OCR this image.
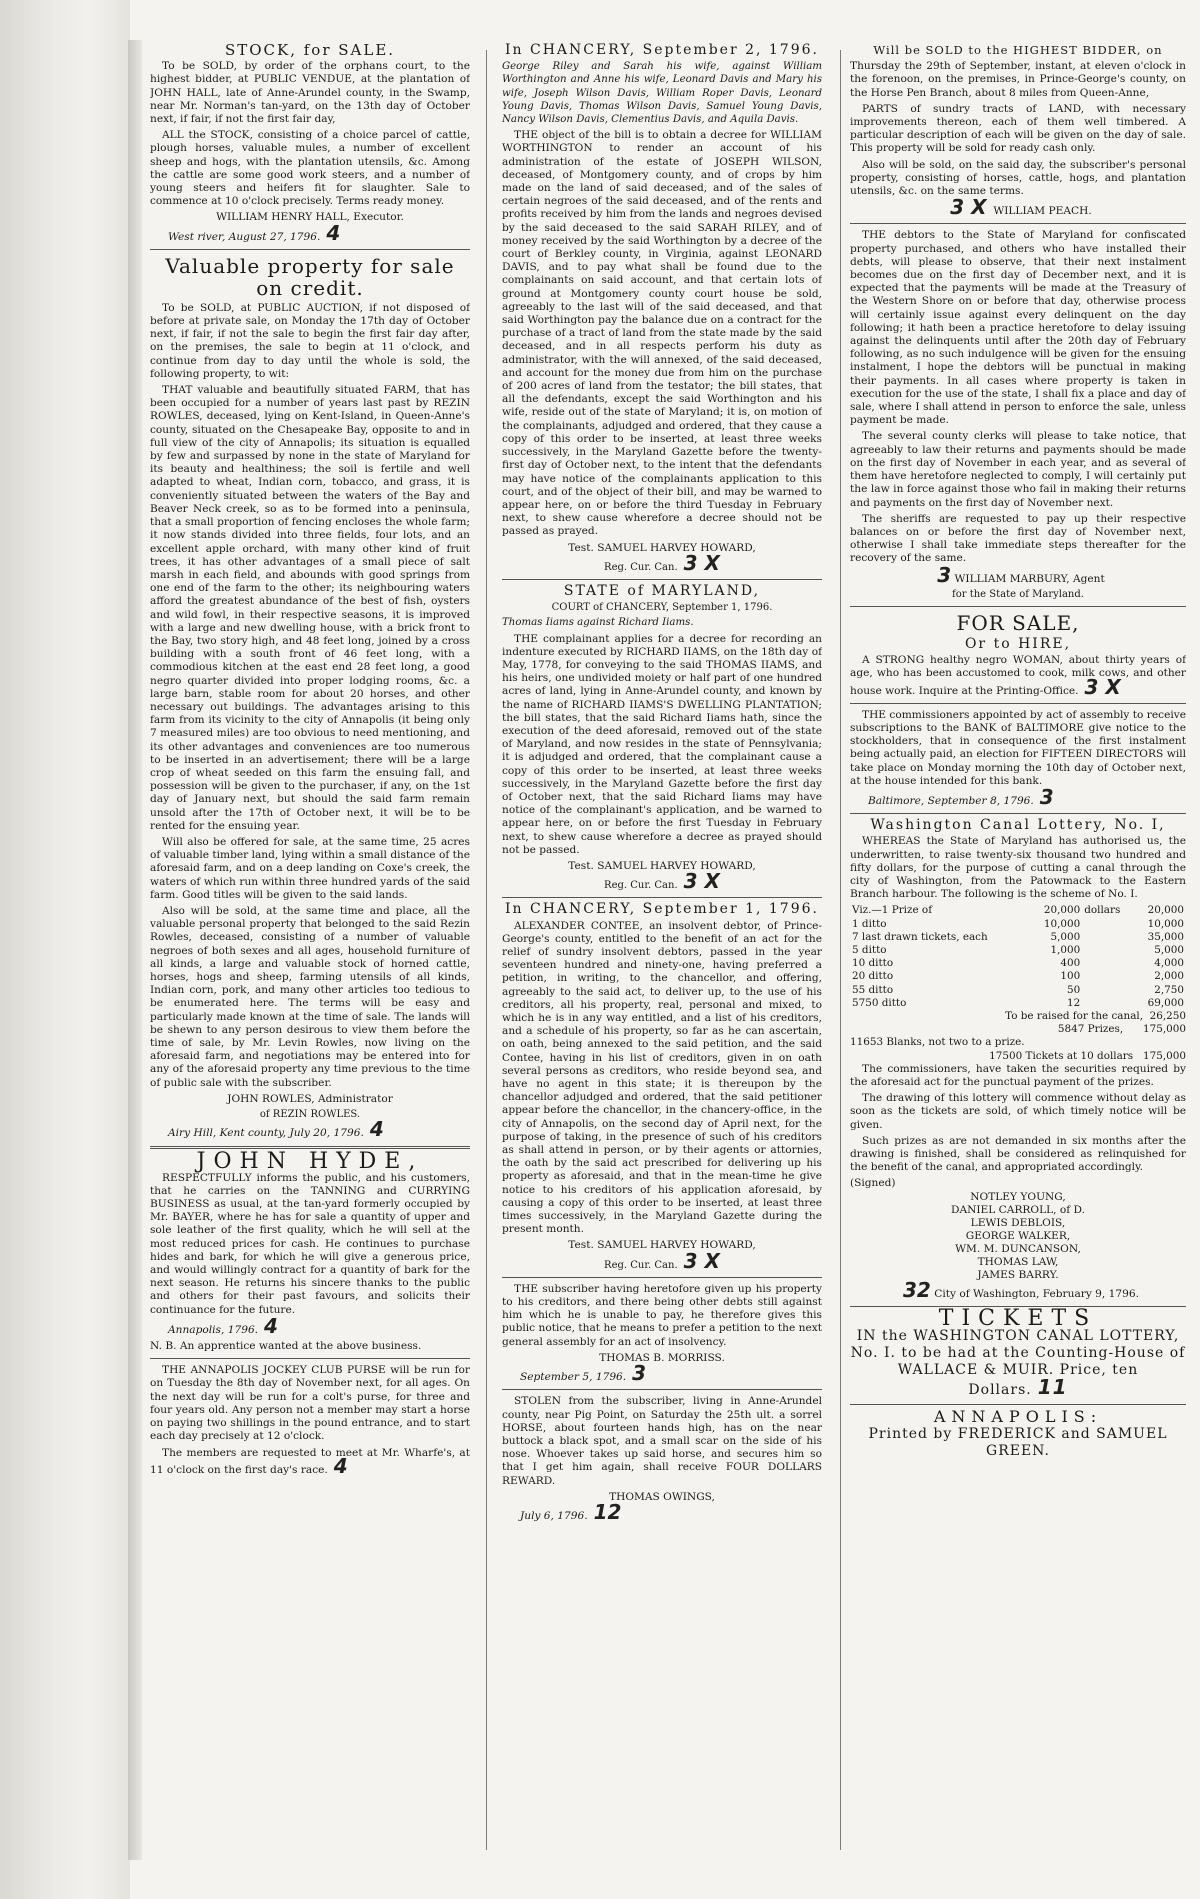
STOCK, for SALE.

To be SOLD, by order of the orphans court, to the highest bidder, at PUBLIC VENDUE, at the plantation of JOHN HALL, late of Anne-Arundel county, in the Swamp, near Mr. Norman's tan-yard, on the 13th day of October next, if fair, if not the first fair day,

ALL the STOCK, consisting of a choice parcel of cattle, plough horses, valuable mules, a number of excellent sheep and hogs, with the plantation utensils, &c. Among the cattle are some good work steers, and a number of young steers and heifers fit for slaughter. Sale to commence at 10 o'clock precisely. Terms ready money.

WILLIAM HENRY HALL, Executor.
West river, August 27, 1796. 4
Valuable property for sale on credit.

To be SOLD, at PUBLIC AUCTION, if not disposed of before at private sale, on Monday the 17th day of October next, if fair, if not the sale to begin the first fair day after, on the premises, the sale to begin at 11 o'clock, and continue from day to day until the whole is sold, the following property, to wit:

THAT valuable and beautifully situated FARM, that has been occupied for a number of years last past by REZIN ROWLES, deceased, lying on Kent-Island, in Queen-Anne's county, situated on the Chesapeake Bay, opposite to and in full view of the city of Annapolis; its situation is equalled by few and surpassed by none in the state of Maryland for its beauty and healthiness; the soil is fertile and well adapted to wheat, Indian corn, tobacco, and grass, it is conveniently situated between the waters of the Bay and Beaver Neck creek, so as to be formed into a peninsula, that a small proportion of fencing encloses the whole farm; it now stands divided into three fields, four lots, and an excellent apple orchard, with many other kind of fruit trees, it has other advantages of a small piece of salt marsh in each field, and abounds with good springs from one end of the farm to the other; its neighbouring waters afford the greatest abundance of the best of fish, oysters and wild fowl, in their respective seasons, it is improved with a large and new dwelling house, with a brick front to the Bay, two story high, and 48 feet long, joined by a cross building with a south front of 46 feet long, with a commodious kitchen at the east end 28 feet long, a good negro quarter divided into proper lodging rooms, &c. a large barn, stable room for about 20 horses, and other necessary out buildings. The advantages arising to this farm from its vicinity to the city of Annapolis (it being only 7 measured miles) are too obvious to need mentioning, and its other advantages and conveniences are too numerous to be inserted in an advertisement; there will be a large crop of wheat seeded on this farm the ensuing fall, and possession will be given to the purchaser, if any, on the 1st day of January next, but should the said farm remain unsold after the 17th of October next, it will be to be rented for the ensuing year.

Will also be offered for sale, at the same time, 25 acres of valuable timber land, lying within a small distance of the aforesaid farm, and on a deep landing on Coxe's creek, the waters of which run within three hundred yards of the said farm. Good titles will be given to the said lands.

Also will be sold, at the same time and place, all the valuable personal property that belonged to the said Rezin Rowles, deceased, consisting of a number of valuable negroes of both sexes and all ages, household furniture of all kinds, a large and valuable stock of horned cattle, horses, hogs and sheep, farming utensils of all kinds, Indian corn, pork, and many other articles too tedious to be enumerated here. The terms will be easy and particularly made known at the time of sale. The lands will be shewn to any person desirous to view them before the time of sale, by Mr. Levin Rowles, now living on the aforesaid farm, and negotiations may be entered into for any of the aforesaid property any time previous to the time of public sale with the subscriber.

JOHN ROWLES, Administrator
of REZIN ROWLES.
Airy Hill, Kent county, July 20, 1796. 4
JOHN HYDE,

RESPECTFULLY informs the public, and his customers, that he carries on the TANNING and CURRYING BUSINESS as usual, at the tan-yard formerly occupied by Mr. BAYER, where he has for sale a quantity of upper and sole leather of the first quality, which he will sell at the most reduced prices for cash. He continues to purchase hides and bark, for which he will give a generous price, and would willingly contract for a quantity of bark for the next season. He returns his sincere thanks to the public and others for their past favours, and solicits their continuance for the future.

Annapolis, 1796. 4

N. B. An apprentice wanted at the above business.

THE ANNAPOLIS JOCKEY CLUB PURSE will be run for on Tuesday the 8th day of November next, for all ages. On the next day will be run for a colt's purse, for three and four years old. Any person not a member may start a horse on paying two shillings in the pound entrance, and to start each day precisely at 12 o'clock.

The members are requested to meet at Mr. Wharfe's, at 11 o'clock on the first day's race. 4

In CHANCERY, September 2, 1796.

George Riley and Sarah his wife, against William Worthington and Anne his wife, Leonard Davis and Mary his wife, Joseph Wilson Davis, William Roper Davis, Leonard Young Davis, Thomas Wilson Davis, Samuel Young Davis, Nancy Wilson Davis, Clementius Davis, and Aquila Davis.

THE object of the bill is to obtain a decree for WILLIAM WORTHINGTON to render an account of his administration of the estate of JOSEPH WILSON, deceased, of Montgomery county, and of crops by him made on the land of said deceased, and of the sales of certain negroes of the said deceased, and of the rents and profits received by him from the lands and negroes devised by the said deceased to the said SARAH RILEY, and of money received by the said Worthington by a decree of the court of Berkley county, in Virginia, against LEONARD DAVIS, and to pay what shall be found due to the complainants on said account, and that certain lots of ground at Montgomery county court house be sold, agreeably to the last will of the said deceased, and that said Worthington pay the balance due on a contract for the purchase of a tract of land from the state made by the said deceased, and in all respects perform his duty as administrator, with the will annexed, of the said deceased, and account for the money due from him on the purchase of 200 acres of land from the testator; the bill states, that all the defendants, except the said Worthington and his wife, reside out of the state of Maryland; it is, on motion of the complainants, adjudged and ordered, that they cause a copy of this order to be inserted, at least three weeks successively, in the Maryland Gazette before the twenty-first day of October next, to the intent that the defendants may have notice of the complainants application to this court, and of the object of their bill, and may be warned to appear here, on or before the third Tuesday in February next, to shew cause wherefore a decree should not be passed as prayed.

Test. SAMUEL HARVEY HOWARD,
Reg. Cur. Can. 3 X
STATE of MARYLAND,
COURT of CHANCERY, September 1, 1796.

Thomas Iiams against Richard Iiams.

THE complainant applies for a decree for recording an indenture executed by RICHARD IIAMS, on the 18th day of May, 1778, for conveying to the said THOMAS IIAMS, and his heirs, one undivided moiety or half part of one hundred acres of land, lying in Anne-Arundel county, and known by the name of RICHARD IIAMS'S DWELLING PLANTATION; the bill states, that the said Richard Iiams hath, since the execution of the deed aforesaid, removed out of the state of Maryland, and now resides in the state of Pennsylvania; it is adjudged and ordered, that the complainant cause a copy of this order to be inserted, at least three weeks successively, in the Maryland Gazette before the first day of October next, that the said Richard Iiams may have notice of the complainant's application, and be warned to appear here, on or before the first Tuesday in February next, to shew cause wherefore a decree as prayed should not be passed.

Test. SAMUEL HARVEY HOWARD,
Reg. Cur. Can. 3 X
In CHANCERY, September 1, 1796.

ALEXANDER CONTEE, an insolvent debtor, of Prince-George's county, entitled to the benefit of an act for the relief of sundry insolvent debtors, passed in the year seventeen hundred and ninety-one, having preferred a petition, in writing, to the chancellor, and offering, agreeably to the said act, to deliver up, to the use of his creditors, all his property, real, personal and mixed, to which he is in any way entitled, and a list of his creditors, and a schedule of his property, so far as he can ascertain, on oath, being annexed to the said petition, and the said Contee, having in his list of creditors, given in on oath several persons as creditors, who reside beyond sea, and have no agent in this state; it is thereupon by the chancellor adjudged and ordered, that the said petitioner appear before the chancellor, in the chancery-office, in the city of Annapolis, on the second day of April next, for the purpose of taking, in the presence of such of his creditors as shall attend in person, or by their agents or attornies, the oath by the said act prescribed for delivering up his property as aforesaid, and that in the mean-time he give notice to his creditors of his application aforesaid, by causing a copy of this order to be inserted, at least three times successively, in the Maryland Gazette during the present month.

Test. SAMUEL HARVEY HOWARD,
Reg. Cur. Can. 3 X

THE subscriber having heretofore given up his property to his creditors, and there being other debts still against him which he is unable to pay, he therefore gives this public notice, that he means to prefer a petition to the next general assembly for an act of insolvency.

THOMAS B. MORRISS.
September 5, 1796. 3

STOLEN from the subscriber, living in Anne-Arundel county, near Pig Point, on Saturday the 25th ult. a sorrel HORSE, about fourteen hands high, has on the near buttock a black spot, and a small scar on the side of his nose. Whoever takes up said horse, and secures him so that I get him again, shall receive FOUR DOLLARS REWARD.

THOMAS OWINGS,
July 6, 1796. 12
Will be SOLD to the HIGHEST BIDDER, on

Thursday the 29th of September, instant, at eleven o'clock in the forenoon, on the premises, in Prince-George's county, on the Horse Pen Branch, about 8 miles from Queen-Anne,

PARTS of sundry tracts of LAND, with necessary improvements thereon, each of them well timbered. A particular description of each will be given on the day of sale. This property will be sold for ready cash only.

Also will be sold, on the said day, the subscriber's personal property, consisting of horses, cattle, hogs, and plantation utensils, &c. on the same terms.

3 X WILLIAM PEACH.

THE debtors to the State of Maryland for confiscated property purchased, and others who have installed their debts, will please to observe, that their next instalment becomes due on the first day of December next, and it is expected that the payments will be made at the Treasury of the Western Shore on or before that day, otherwise process will certainly issue against every delinquent on the day following; it hath been a practice heretofore to delay issuing against the delinquents until after the 20th day of February following, as no such indulgence will be given for the ensuing instalment, I hope the debtors will be punctual in making their payments. In all cases where property is taken in execution for the use of the state, I shall fix a place and day of sale, where I shall attend in person to enforce the sale, unless payment be made.

The several county clerks will please to take notice, that agreeably to law their returns and payments should be made on the first day of November in each year, and as several of them have heretofore neglected to comply, I will certainly put the law in force against those who fail in making their returns and payments on the first day of November next.

The sheriffs are requested to pay up their respective balances on or before the first day of November next, otherwise I shall take immediate steps thereafter for the recovery of the same.

3 WILLIAM MARBURY, Agent
for the State of Maryland.
FOR SALE,
Or to HIRE,

A STRONG healthy negro WOMAN, about thirty years of age, who has been accustomed to cook, milk cows, and other house work. Inquire at the Printing-Office. 3 X

THE commissioners appointed by act of assembly to receive subscriptions to the BANK of BALTIMORE give notice to the stockholders, that in consequence of the first instalment being actually paid, an election for FIFTEEN DIRECTORS will take place on Monday morning the 10th day of October next, at the house intended for this bank.

Baltimore, September 8, 1796. 3
Washington Canal Lottery, No. I,

WHEREAS the State of Maryland has authorised us, the underwritten, to raise twenty-six thousand two hundred and fifty dollars, for the purpose of cutting a canal through the city of Washington, from the Patowmack to the Eastern Branch harbour. The following is the scheme of No. I.

Viz.—1 Prize of	20,000	dollars	20,000
1 ditto	10,000		10,000
7 last drawn tickets, each	5,000		35,000
5 ditto	1,000		5,000
10 ditto	400		4,000
20 ditto	100		2,000
55 ditto	50		2,750
5750 ditto	12		69,000
To be raised for the canal, 26,250
5847 Prizes, 175,000
11653 Blanks, not two to a prize.
17500 Tickets at 10 dollars 175,000

The commissioners, have taken the securities required by the aforesaid act for the punctual payment of the prizes.

The drawing of this lottery will commence without delay as soon as the tickets are sold, of which timely notice will be given.

Such prizes as are not demanded in six months after the drawing is finished, shall be considered as relinquished for the benefit of the canal, and appropriated accordingly.

(Signed)
NOTLEY YOUNG,
DANIEL CARROLL, of D.
LEWIS DEBLOIS,
GEORGE WALKER,
WM. M. DUNCANSON,
THOMAS LAW,
JAMES BARRY.
32 City of Washington, February 9, 1796.
TICKETS
IN the WASHINGTON CANAL LOTTERY, No. I. to be had at the Counting-House of WALLACE & MUIR. Price, ten Dollars. 11
ANNAPOLIS:
Printed by FREDERICK and SAMUEL GREEN.
